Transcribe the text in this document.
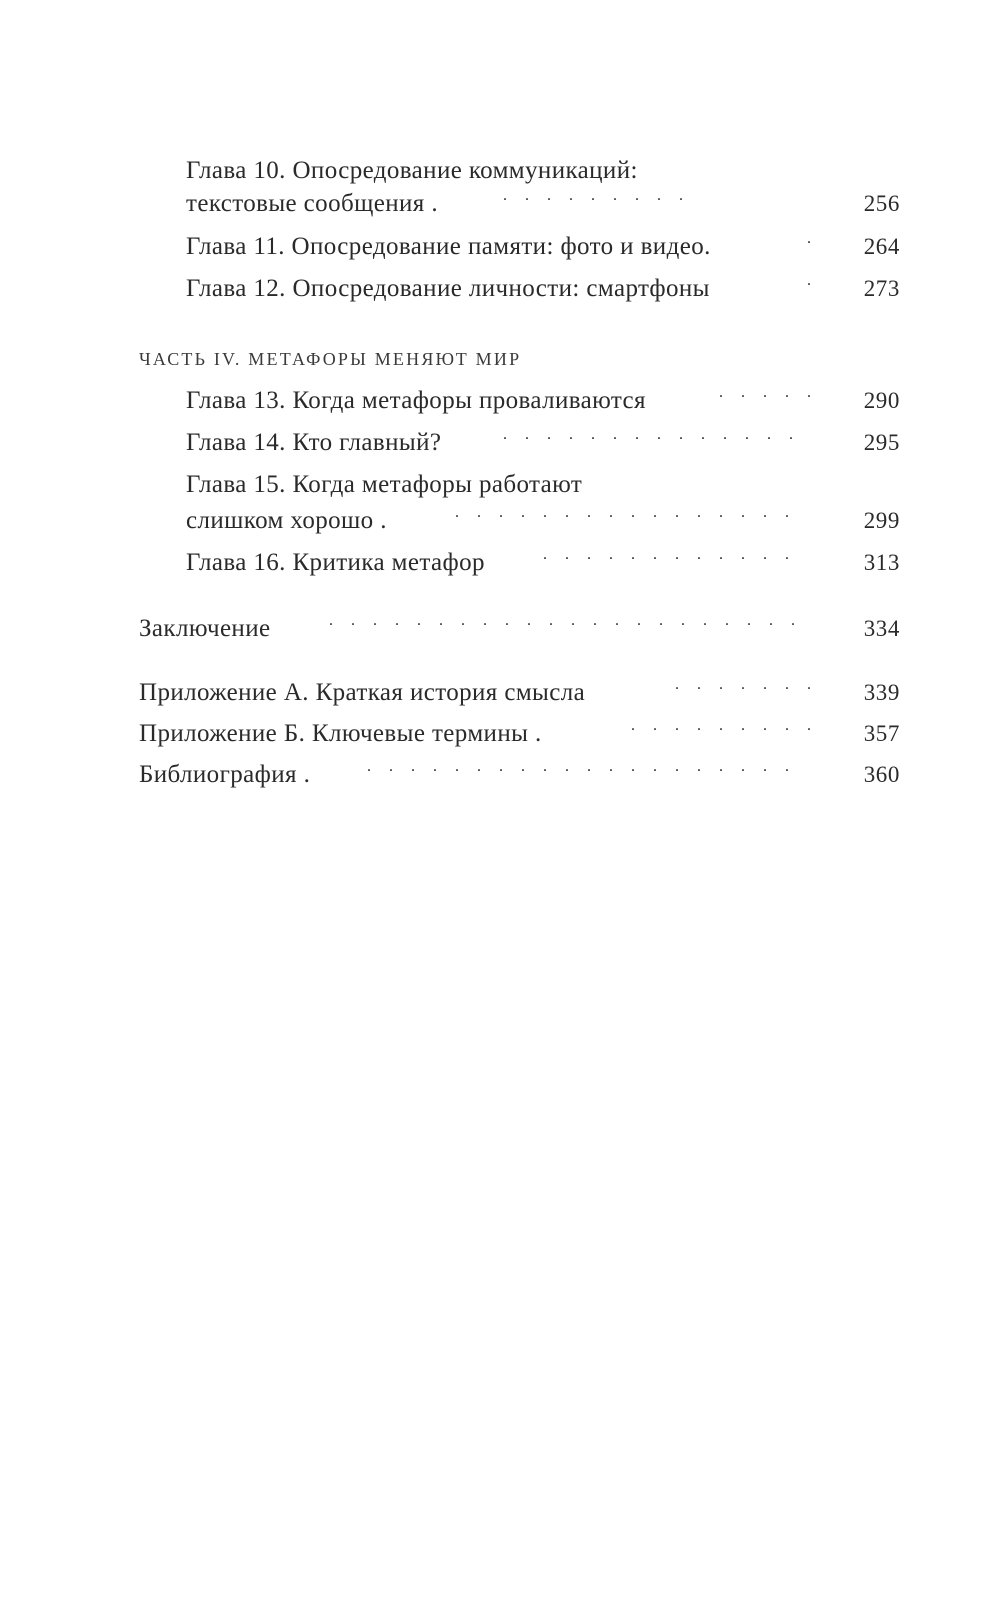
Глава 10. Опосредование коммуникаций:
текстовые сообщения .	. . . . . . . . .	256
Глава 11. Опосредование памяти: фото и видео.	.	264
Глава 12. Опосредование личности: смартфоны	.	273
ЧАСТЬ IV. МЕТАФОРЫ МЕНЯЮТ МИР
Глава 13. Когда метафоры проваливаются	. . . . .	290
Глава 14. Кто главный?	. . . . . . . . . . . . . .	295
Глава 15. Когда метафоры работают
слишком хорошо .	. . . . . . . . . . . . . . . .	299
Глава 16. Критика метафор	. . . . . . . . . . . .	313
Заключение	. . . . . . . . . . . . . . . . . . . . . .	334
Приложение А. Краткая история смысла	. . . . . . .	339
Приложение Б. Ключевые термины .	. . . . . . . . .	357
Библиография .	. . . . . . . . . . . . . . . . . . . .	360
